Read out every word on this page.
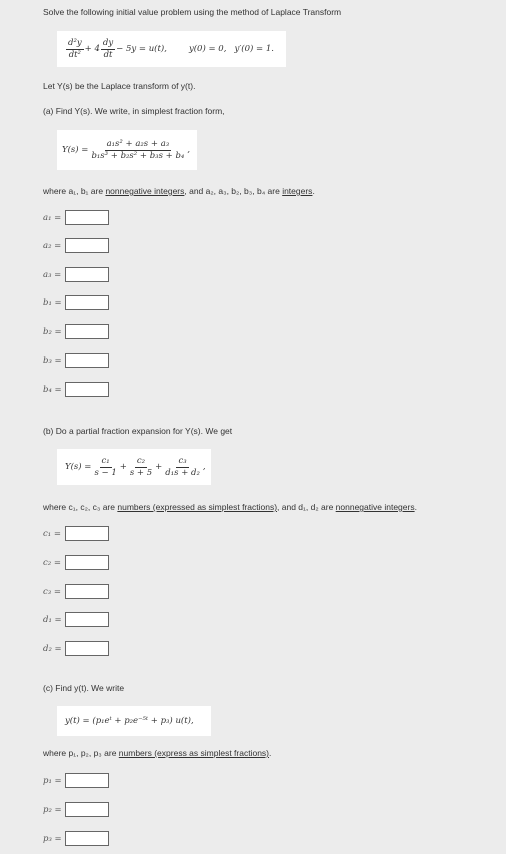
Solve the following initial value problem using the method of Laplace Transform
$\frac{\text{d²y}}{\text{dt²}} + 4 \frac{dy}{dt} - 5y = u(t)$,	y(0) = 0,   y′(0) = 1.
Let Y(s) be the Laplace transform of y(t).
(a) Find Y(s). We write, in simplest fraction form,
$Y(s) = \frac{\text{a₁s² + a₂s + a₃}}{\text{b₁s³ + b₂s² + b₃s + b₄}}$ ,
where a₁, b₁ are nonnegative integers, and a₂, a₃, b₂, b₃, b₄ are integers.
a₁ =
a₂ =
a₃ =
b₁ =
b₂ =
b₃ =
b₄ =
(b) Do a partial fraction expansion for Y(s). We get
$Y(s) = \frac{\text{c₁}}{s - 1} + \frac{\text{c₂}}{s + 5} + \frac{\text{c₃}}{\text{d₁s + d₂}}$ ,
where c₁, c₂, c₃ are numbers (expressed as simplest fractions), and d₁, d₂ are nonnegative integers.
c₁ =
c₂ =
c₃ =
d₁ =
d₂ =
(c) Find y(t). We write
y(t) = (p₁eᵗ + p₂e⁻⁵ᵗ + p₃) u(t),
where p₁, p₂, p₃ are numbers (express as simplest fractions).
p₁ =
p₂ =
p₃ =
